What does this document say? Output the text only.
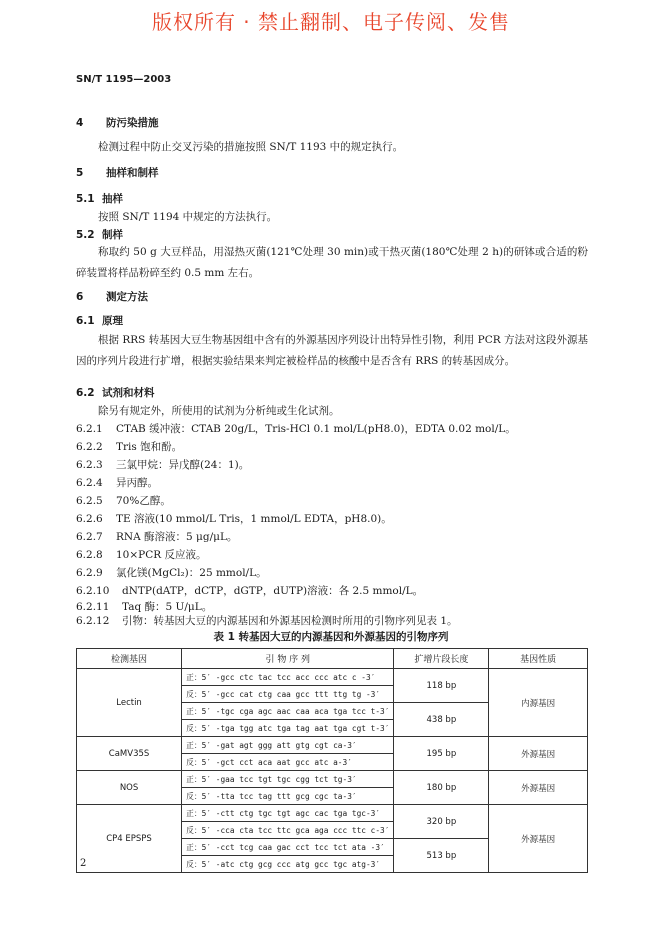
版权所有 · 禁止翻制、电子传阅、发售
SN/T 1195—2003
4 防污染措施
检测过程中防止交叉污染的措施按照 SN/T 1193 中的规定执行。
5 抽样和制样
5.1 抽样
按照 SN/T 1194 中规定的方法执行。
5.2 制样
称取约 50 g 大豆样品，用湿热灭菌(121℃处理 30 min)或干热灭菌(180℃处理 2 h)的研钵或合适的粉碎装置将样品粉碎至约 0.5 mm 左右。
6 测定方法
6.1 原理
根据 RRS 转基因大豆生物基因组中含有的外源基因序列设计出特异性引物，利用 PCR 方法对这段外源基因的序列片段进行扩增，根据实验结果来判定被检样品的核酸中是否含有 RRS 的转基因成分。
6.2 试剂和材料
除另有规定外，所使用的试剂为分析纯或生化试剂。
6.2.1 CTAB 缓冲液：CTAB 20g/L，Tris-HCl 0.1 mol/L(pH8.0)，EDTA 0.02 mol/L。
6.2.2 Tris 饱和酚。
6.2.3 三氯甲烷：异戊醇(24：1)。
6.2.4 异丙醇。
6.2.5 70%乙醇。
6.2.6 TE 溶液(10 mmol/L Tris，1 mmol/L EDTA，pH8.0)。
6.2.7 RNA 酶溶液：5 μg/μL。
6.2.8 10×PCR 反应液。
6.2.9 氯化镁(MgCl₂)：25 mmol/L。
6.2.10 dNTP(dATP，dCTP，dGTP，dUTP)溶液：各 2.5 mmol/L。
6.2.11 Taq 酶：5 U/μL。
6.2.12 引物：转基因大豆的内源基因和外源基因检测时所用的引物序列见表 1。
表 1 转基因大豆的内源基因和外源基因的引物序列
检测基因	引 物 序 列	扩增片段长度	基因性质
Lectin	正：5′ -gcc ctc tac tcc acc ccc atc c -3′	118 bp	内源基因
	反：5′ -gcc cat ctg caa gcc ttt ttg tg -3′		
	正：5′ -tgc cga agc aac caa aca tga tcc t-3′	438 bp	
	反：5′ -tga tgg atc tga tag aat tga cgt t-3′		
CaMV35S	正：5′ -gat agt ggg att gtg cgt ca-3′	195 bp	外源基因
	反：5′ -gct cct aca aat gcc atc a-3′		
NOS	正：5′ -gaa tcc tgt tgc cgg tct tg-3′	180 bp	外源基因
	反：5′ -tta tcc tag ttt gcg cgc ta-3′		
CP4 EPSPS	正：5′ -ctt ctg tgc tgt agc cac tga tgc-3′	320 bp	外源基因
	反：5′ -cca cta tcc ttc gca aga ccc ttc c-3′		
	正：5′ -cct tcg caa gac cct tcc tct ata -3′	513 bp	
	反：5′ -atc ctg gcg ccc atg gcc tgc atg-3′		
2
